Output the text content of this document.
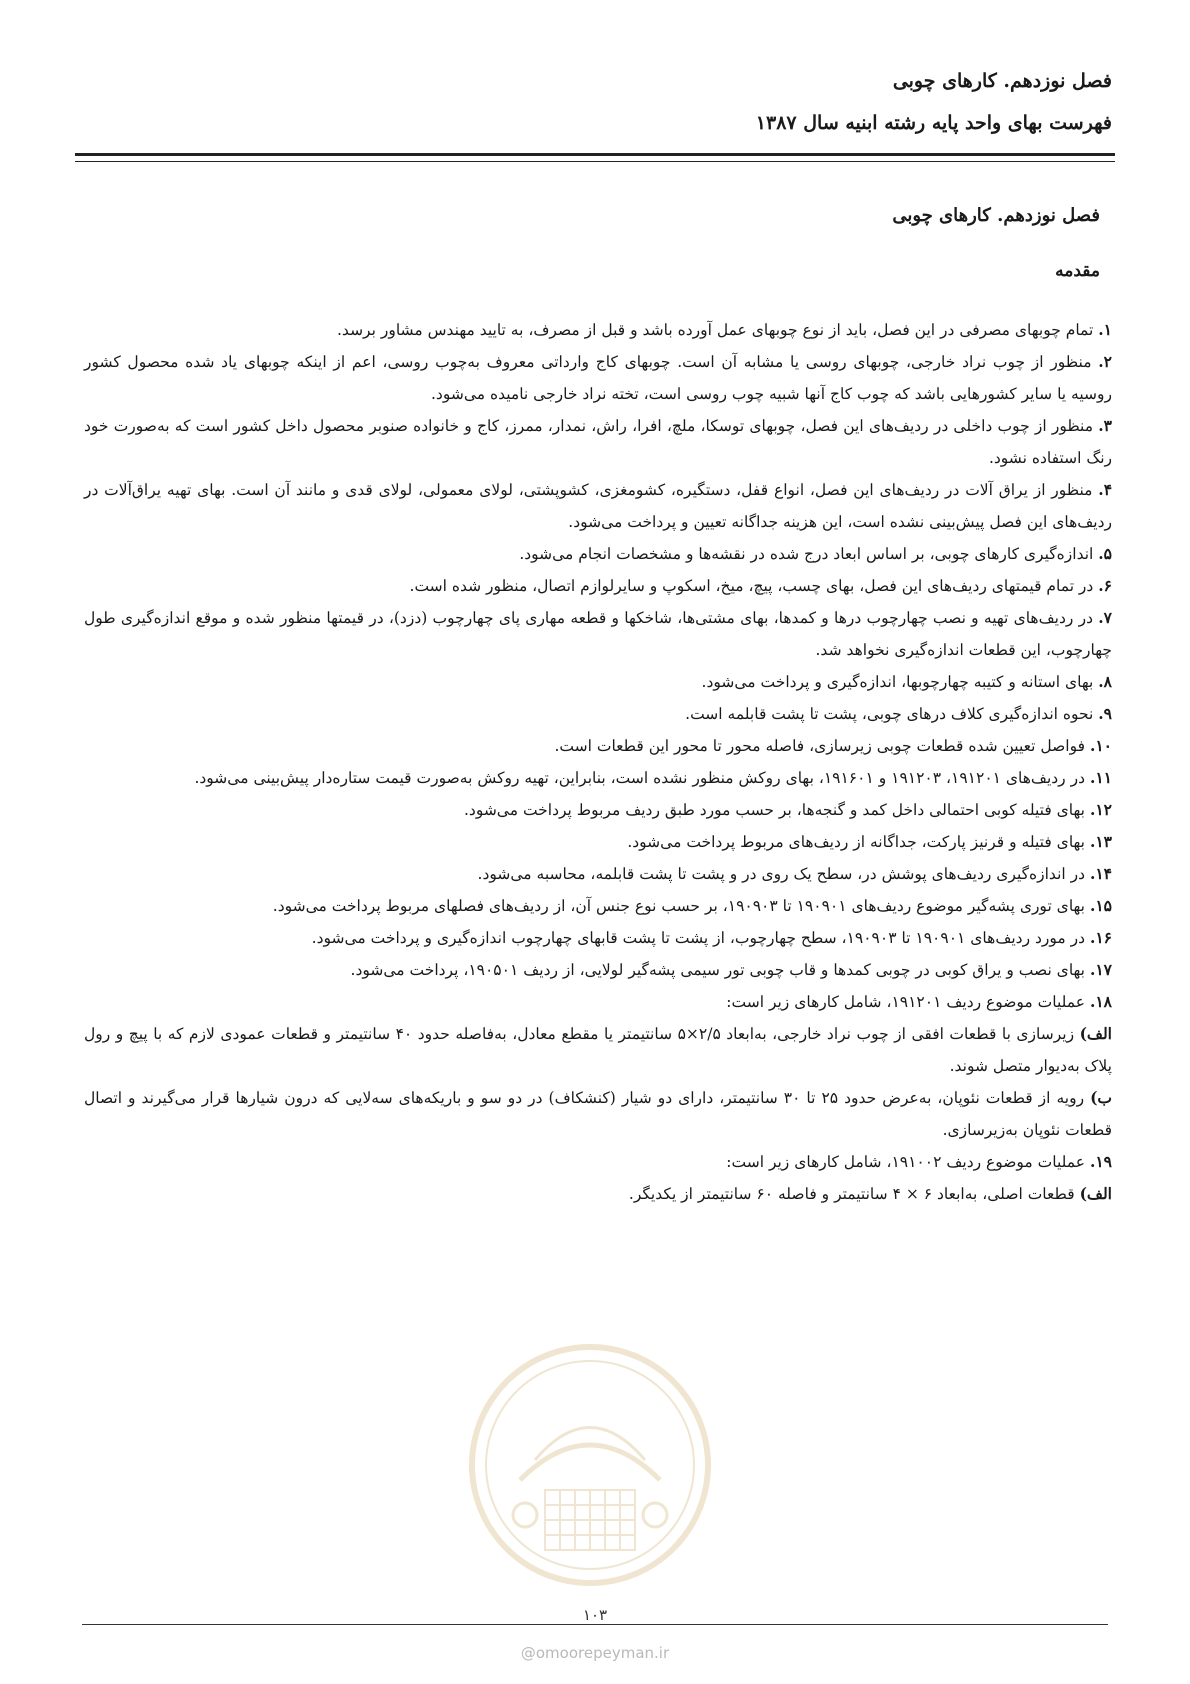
فصل نوزدهم. کارهای چوبی
فهرست بهای واحد پایه رشته ابنیه سال ۱۳۸۷
فصل نوزدهم. کارهای چوبی
مقدمه

۱. تمام چوبهای مصرفی در این فصل، باید از نوع چوبهای عمل آورده باشد و قبل از مصرف، به تایید مهندس مشاور برسد.

۲. منظور از چوب نراد خارجی، چوبهای روسی یا مشابه آن است. چوبهای کاج وارداتی معروف به‌چوب روسی، اعم از اینکه چوبهای یاد شده محصول کشور روسیه یا سایر کشورهایی باشد که چوب کاج آنها شبیه چوب روسی است، تخته نراد خارجی نامیده می‌شود.

۳. منظور از چوب داخلی در ردیف‌های این فصل، چوبهای توسکا، ملچ، افرا، راش، نمدار، ممرز، کاج و خانواده صنوبر محصول داخل کشور است که به‌صورت خود رنگ استفاده نشود.

۴. منظور از یراق آلات در ردیف‌های این فصل، انواع قفل، دستگیره، کشومغزی، کشوپشتی، لولای معمولی، لولای قدی و مانند آن است. بهای تهیه یراق‌آلات در ردیف‌های این فصل پیش‌بینی نشده است، این هزینه جداگانه تعیین و پرداخت می‌شود.

۵. اندازه‌گیری کارهای چوبی، بر اساس ابعاد درج شده در نقشه‌ها و مشخصات انجام می‌شود.

۶. در تمام قیمتهای ردیف‌های این فصل، بهای چسب، پیچ، میخ، اسکوپ و سایرلوازم اتصال، منظور شده است.

۷. در ردیف‌های تهیه و نصب چهارچوب درها و کمدها، بهای مشتی‌ها، شاخکها و قطعه مهاری پای چهارچوب (دزد)، در قیمتها منظور شده و موقع اندازه‌گیری طول چهارچوب، این قطعات اندازه‌گیری نخواهد شد.

۸. بهای استانه و کتیبه چهارچوبها، اندازه‌گیری و پرداخت می‌شود.

۹. نحوه اندازه‌گیری کلاف درهای چوبی، پشت تا پشت قابلمه است.

۱۰. فواصل تعیین شده قطعات چوبی زیرسازی، فاصله محور تا محور این قطعات است.

۱۱. در ردیف‌های ۱۹۱۲۰۱، ۱۹۱۲۰۳ و ۱۹۱۶۰۱، بهای روکش منظور نشده است، بنابراین، تهیه روکش به‌صورت قیمت ستاره‌دار پیش‌بینی می‌شود.

۱۲. بهای فتیله کوبی احتمالی داخل کمد و گنجه‌ها، بر حسب مورد طبق ردیف مربوط پرداخت می‌شود.

۱۳. بهای فتیله و قرنیز پارکت، جداگانه از ردیف‌های مربوط پرداخت می‌شود.

۱۴. در اندازه‌گیری ردیف‌های پوشش در، سطح یک روی در و پشت تا پشت قابلمه، محاسبه می‌شود.

۱۵. بهای توری پشه‌گیر موضوع ردیف‌های ۱۹۰۹۰۱ تا ۱۹۰۹۰۳، بر حسب نوع جنس آن، از ردیف‌های فصلهای مربوط پرداخت می‌شود.

۱۶. در مورد ردیف‌های ۱۹۰۹۰۱ تا ۱۹۰۹۰۳، سطح چهارچوب، از پشت تا پشت قابهای چهارچوب اندازه‌گیری و پرداخت می‌شود.

۱۷. بهای نصب و یراق کوبی در چوبی کمدها و قاب چوبی تور سیمی پشه‌گیر لولایی، از ردیف ۱۹۰۵۰۱، پرداخت می‌شود.

۱۸. عملیات موضوع ردیف ۱۹۱۲۰۱، شامل کارهای زیر است:

الف) زیرسازی با قطعات افقی از چوب نراد خارجی، به‌ابعاد ۲/۵×۵ سانتیمتر یا مقطع معادل، به‌فاصله حدود ۴۰ سانتیمتر و قطعات عمودی لازم که با پیچ و رول پلاک به‌دیوار متصل شوند.

ب) رویه از قطعات نئوپان، به‌عرض حدود ۲۵ تا ۳۰ سانتیمتر، دارای دو شیار (کنشکاف) در دو سو و باریکه‌های سه‌لایی که درون شیارها قرار می‌گیرند و اتصال قطعات نئوپان به‌زیرسازی.

۱۹. عملیات موضوع ردیف ۱۹۱۰۰۲، شامل کارهای زیر است:

الف) قطعات اصلی، به‌ابعاد ۶ × ۴ سانتیمتر و فاصله ۶۰ سانتیمتر از یکدیگر.

۱۰۳
@omoorepeyman.ir
